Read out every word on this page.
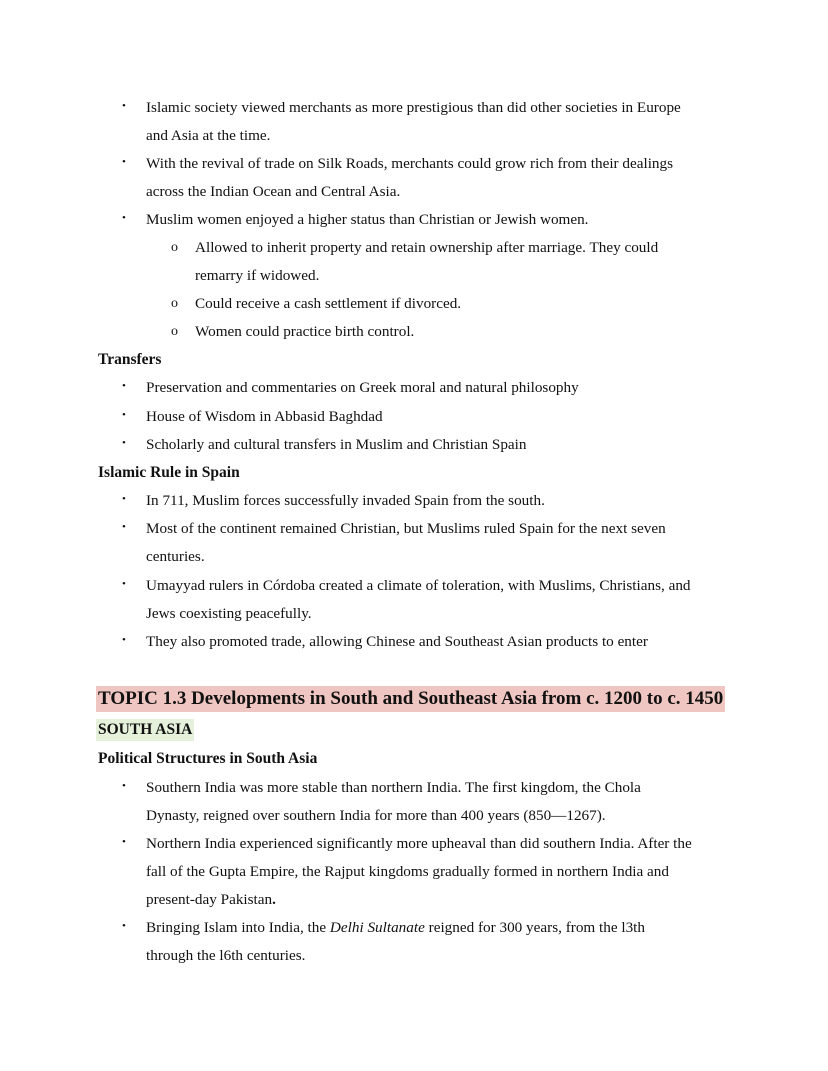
• Islamic society viewed merchants as more prestigious than did other societies in Europe
and Asia at the time.
• With the revival of trade on Silk Roads, merchants could grow rich from their dealings
across the Indian Ocean and Central Asia.
• Muslim women enjoyed a higher status than Christian or Jewish women.
o Allowed to inherit property and retain ownership after marriage. They could
remarry if widowed.
o Could receive a cash settlement if divorced.
o Women could practice birth control.
Transfers
• Preservation and commentaries on Greek moral and natural philosophy
• House of Wisdom in Abbasid Baghdad
• Scholarly and cultural transfers in Muslim and Christian Spain
Islamic Rule in Spain
• In 711, Muslim forces successfully invaded Spain from the south.
• Most of the continent remained Christian, but Muslims ruled Spain for the next seven
centuries.
• Umayyad rulers in Córdoba created a climate of toleration, with Muslims, Christians, and
Jews coexisting peacefully.
• They also promoted trade, allowing Chinese and Southeast Asian products to enter
TOPIC 1.3 Developments in South and Southeast Asia from c. 1200 to c. 1450
SOUTH ASIA
Political Structures in South Asia
• Southern India was more stable than northern India. The first kingdom, the Chola
Dynasty, reigned over southern India for more than 400 years (850—1267).
• Northern India experienced significantly more upheaval than did southern India. After the
fall of the Gupta Empire, the Rajput kingdoms gradually formed in northern India and
present-day Pakistan.
• Bringing Islam into India, the Delhi Sultanate reigned for 300 years, from the l3th
through the l6th centuries.
